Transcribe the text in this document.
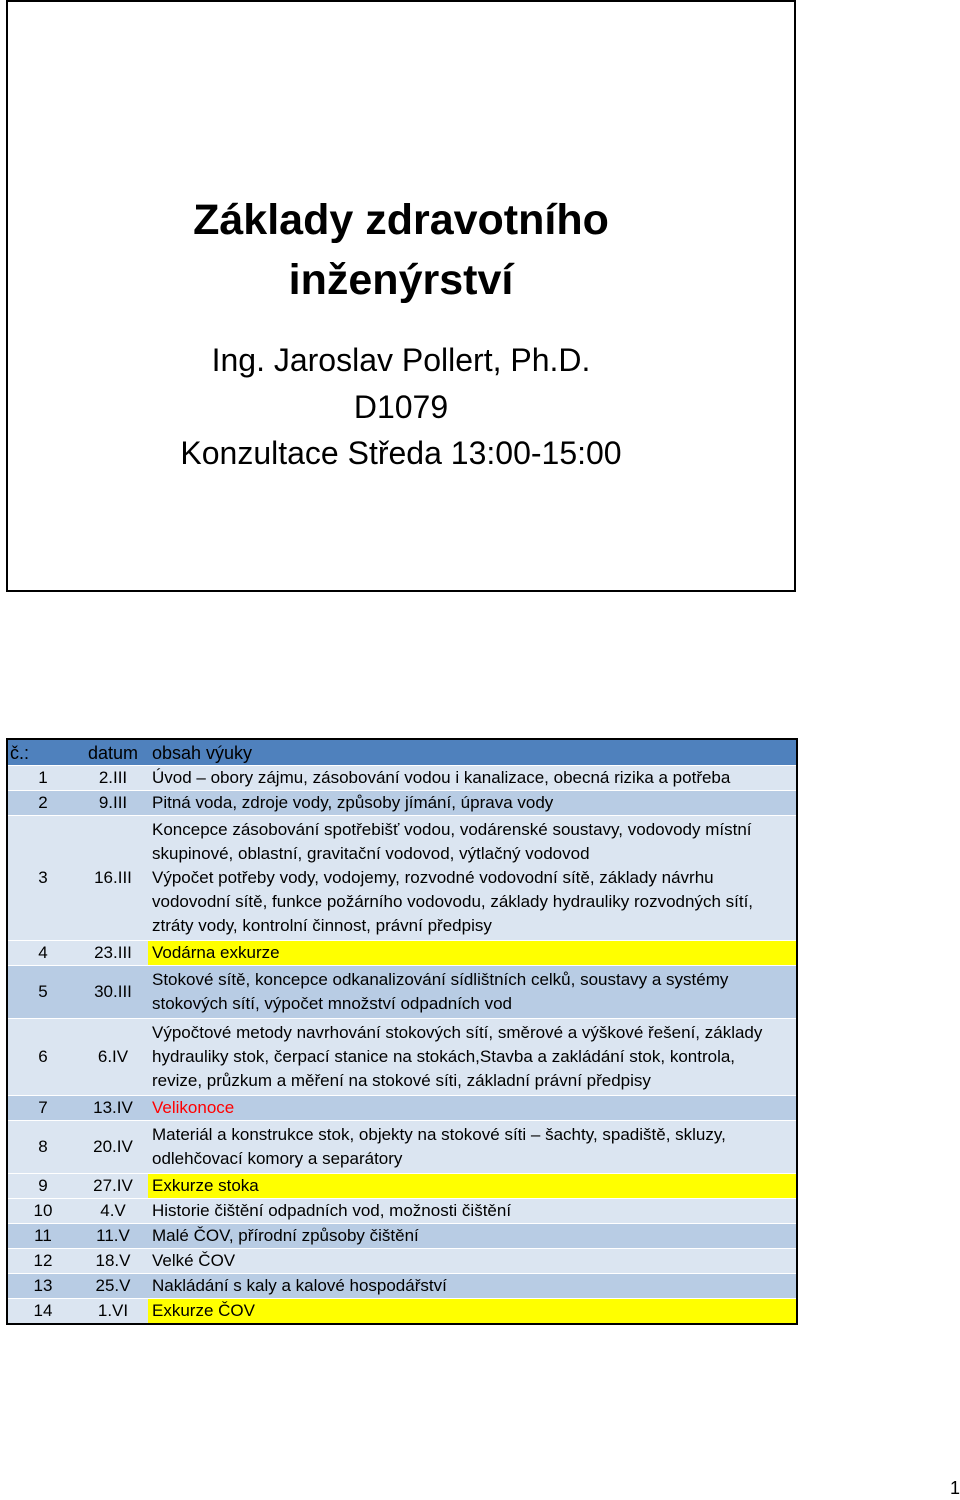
Základy zdravotního
inženýrství
Ing. Jaroslav Pollert, Ph.D.
D1079
Konzultace Středa 13:00-15:00
č.:	datum	obsah výuky
1	2.III	Úvod – obory zájmu, zásobování vodou i kanalizace, obecná rizika a potřeba
2	9.III	Pitná voda, zdroje vody, způsoby jímání, úprava vody
3	16.III	Koncepce zásobování spotřebišť vodou, vodárenské soustavy, vodovody místní skupinové, oblastní, gravitační vodovod, výtlačný vodovod
Výpočet potřeby vody, vodojemy, rozvodné vodovodní sítě, základy návrhu vodovodní sítě, funkce požárního vodovodu, základy hydrauliky rozvodných sítí, ztráty vody, kontrolní činnost, právní předpisy

4	23.III	Vodárna exkurze
5	30.III	Stokové sítě, koncepce odkanalizování sídlištních celků, soustavy a systémy stokových sítí, výpočet množství odpadních vod
6	6.IV	Výpočtové metody navrhování stokových sítí, směrové a výškové řešení, základy hydrauliky stok, čerpací stanice na stokách,Stavba a zakládání stok, kontrola, revize, průzkum a měření na stokové síti, základní právní předpisy
7	13.IV	Velikonoce
8	20.IV	Materiál a konstrukce stok, objekty na stokové síti – šachty, spadiště, skluzy, odlehčovací komory a separátory
9	27.IV	Exkurze stoka
10	4.V	Historie čištění odpadních vod, možnosti čištění
11	11.V	Malé ČOV, přírodní způsoby čištění
12	18.V	Velké ČOV
13	25.V	Nakládání s kaly a kalové hospodářství
14	1.VI	Exkurze ČOV
1
